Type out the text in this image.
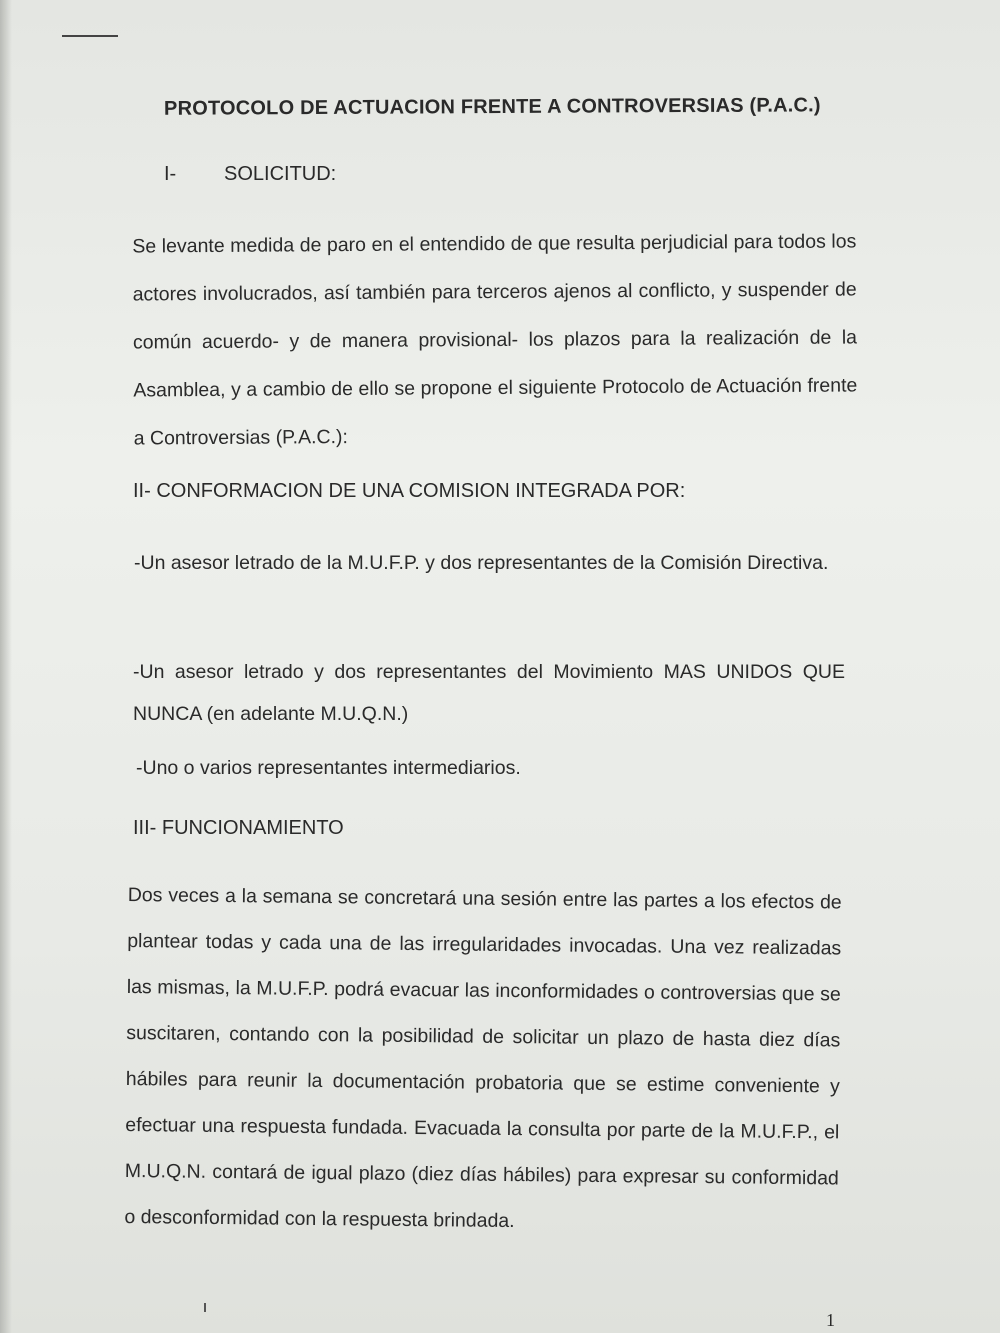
PROTOCOLO DE ACTUACION FRENTE A CONTROVERSIAS (P.A.C.)
I- SOLICITUD:
Se levante medida de paro en el entendido de que resulta perjudicial para todos los actores involucrados, así también para terceros ajenos al conflicto, y suspender de común acuerdo- y de manera provisional- los plazos para la realización de la Asamblea, y a cambio de ello se propone el siguiente Protocolo de Actuación frente a Controversias (P.A.C.):
II- CONFORMACION DE UNA COMISION INTEGRADA POR:
-Un asesor letrado de la M.U.F.P. y dos representantes de la Comisión Directiva.
-Un asesor letrado y dos representantes del Movimiento MAS UNIDOS QUE NUNCA (en adelante M.U.Q.N.)
-Uno o varios representantes intermediarios.
III- FUNCIONAMIENTO
Dos veces a la semana se concretará una sesión entre las partes a los efectos de plantear todas y cada una de las irregularidades invocadas. Una vez realizadas las mismas, la M.U.F.P. podrá evacuar las inconformidades o controversias que se suscitaren, contando con la posibilidad de solicitar un plazo de hasta diez días hábiles para reunir la documentación probatoria que se estime conveniente y efectuar una respuesta fundada. Evacuada la consulta por parte de la M.U.F.P., el M.U.Q.N. contará de igual plazo (diez días hábiles) para expresar su conformidad o desconformidad con la respuesta brindada.
1
